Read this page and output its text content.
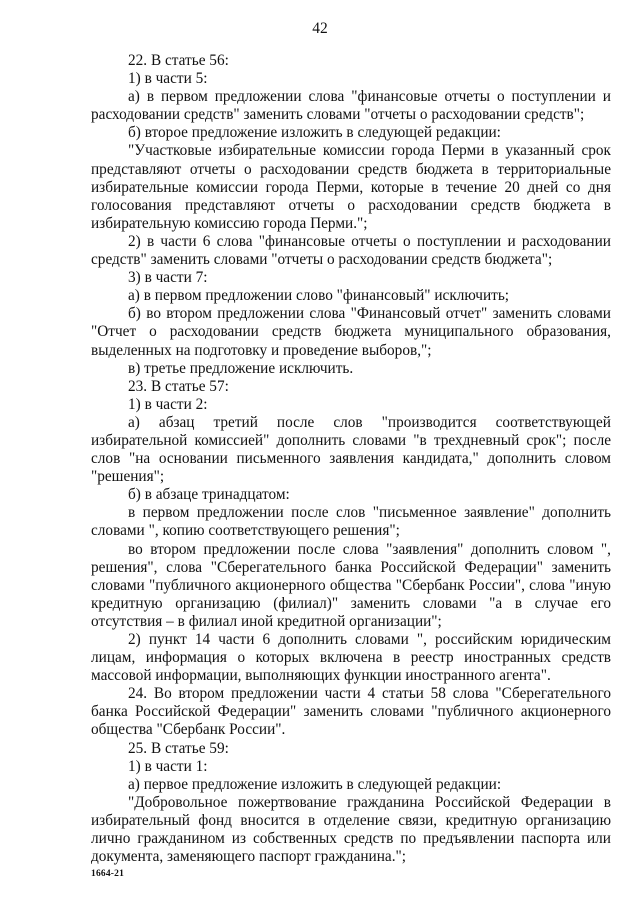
42

22. В статье 56:

1) в части 5:

а) в первом предложении слова "финансовые отчеты о поступлении и расходовании средств" заменить словами "отчеты о расходовании средств";

б) второе предложение изложить в следующей редакции:

"Участковые избирательные комиссии города Перми в указанный срок представляют отчеты о расходовании средств бюджета в территориальные избирательные комиссии города Перми, которые в течение 20 дней со дня голосования представляют отчеты о расходовании средств бюджета в избирательную комиссию города Перми.";

2) в части 6 слова "финансовые отчеты о поступлении и расходовании средств" заменить словами "отчеты о расходовании средств бюджета";

3) в части 7:

а) в первом предложении слово "финансовый" исключить;

б) во втором предложении слова "Финансовый отчет" заменить словами "Отчет о расходовании средств бюджета муниципального образования, выделенных на подготовку и проведение выборов,";

в) третье предложение исключить.

23. В статье 57:

1) в части 2:

а) абзац третий после слов "производится соответствующей избирательной комиссией" дополнить словами "в трехдневный срок"; после слов "на основании письменного заявления кандидата," дополнить словом "решения";

б) в абзаце тринадцатом:

в первом предложении после слов "письменное заявление" дополнить словами ", копию соответствующего решения";

во втором предложении после слова "заявления" дополнить словом ", решения", слова "Сберегательного банка Российской Федерации" заменить словами "публичного акционерного общества "Сбербанк России", слова "иную кредитную организацию (филиал)" заменить словами "а в случае его отсутствия – в филиал иной кредитной организации";

2) пункт 14 части 6 дополнить словами ", российским юридическим лицам, информация о которых включена в реестр иностранных средств массовой информации, выполняющих функции иностранного агента".

24. Во втором предложении части 4 статьи 58 слова "Сберегательного банка Российской Федерации" заменить словами "публичного акционерного общества "Сбербанк России".

25. В статье 59:

1) в части 1:

а) первое предложение изложить в следующей редакции:

"Добровольное пожертвование гражданина Российской Федерации в избирательный фонд вносится в отделение связи, кредитную организацию лично гражданином из собственных средств по предъявлении паспорта или документа, заменяющего паспорт гражданина.";

1664-21
